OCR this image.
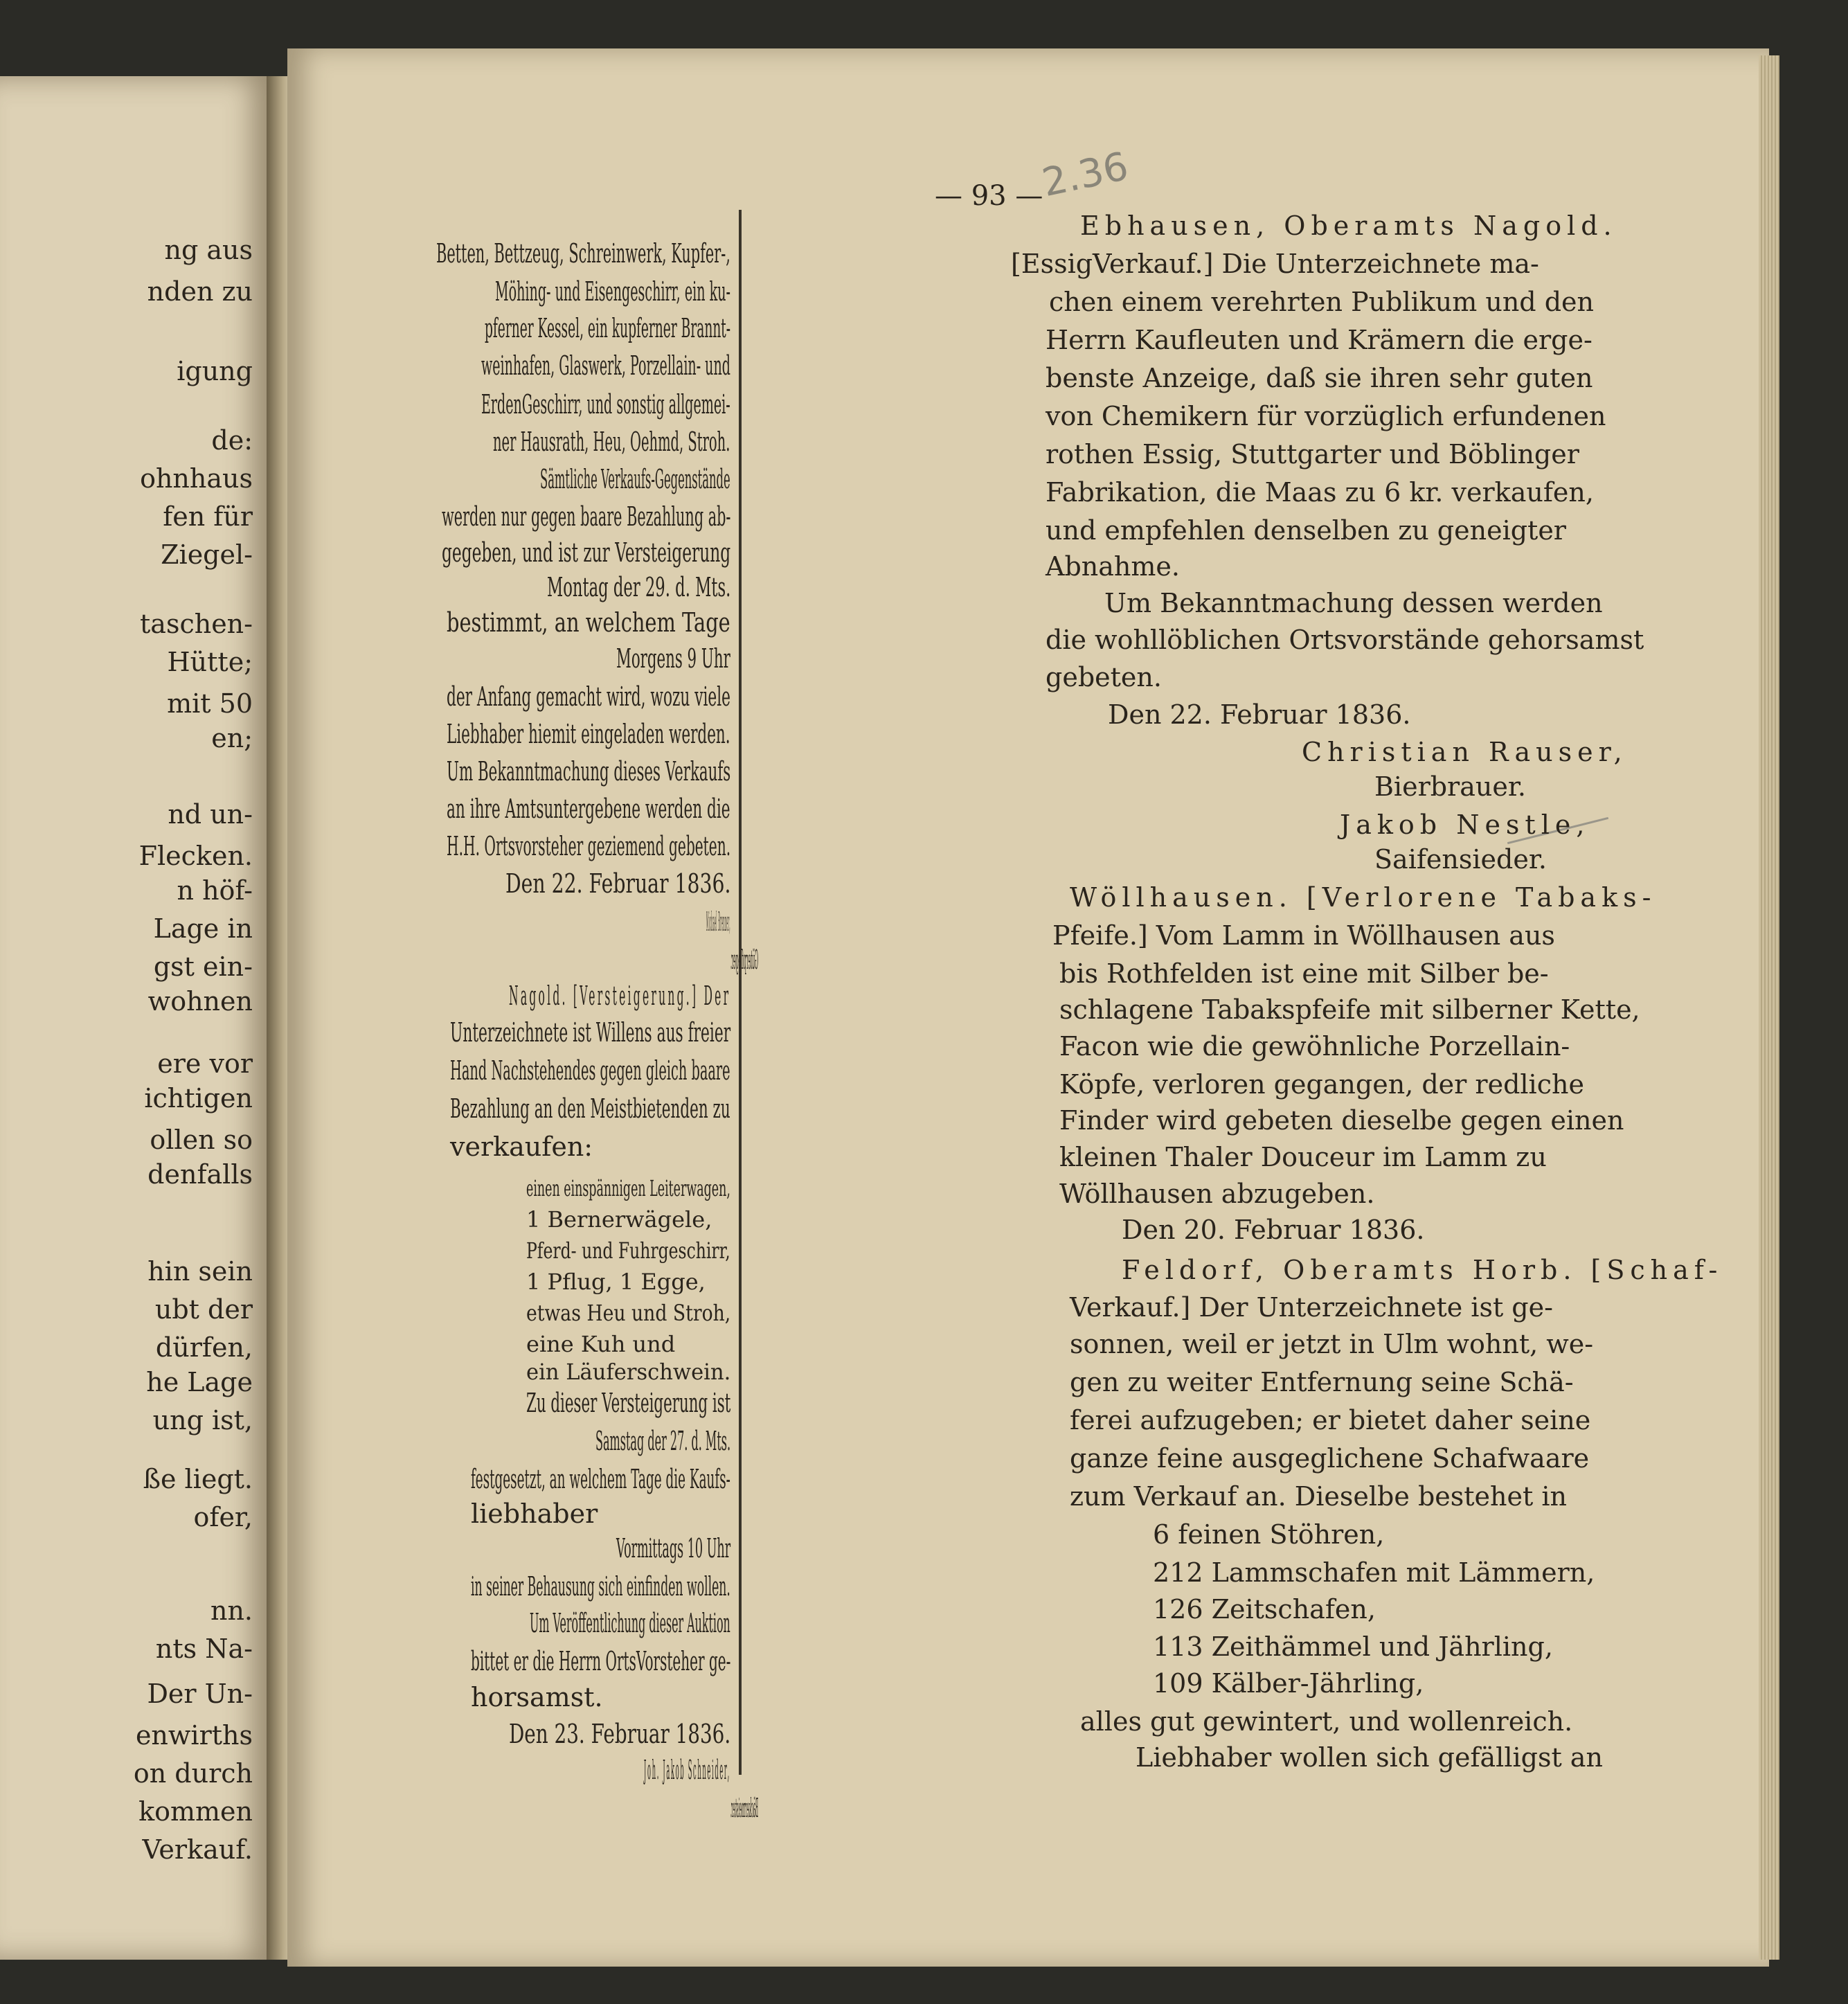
ng aus
nden zu
igung
de:
ohnhaus
fen für
Ziegel-
taschen-
Hütte;
mit 50
en;
nd un-
Flecken.
n höf-
Lage in
gst ein-
wohnen
ere vor
ichtigen
ollen so
denfalls
hin sein
ubt der
dürfen,
he Lage
ung ist,
ße liegt.
ofer,
nn.
nts Na-
Der Un-
enwirths
on durch
kommen
Verkauf.
— 93 —
2.36
Betten, Bettzeug, Schreinwerk, Kupfer-,
Möhing- und Eisengeschirr, ein ku-
pferner Kessel, ein kupferner Brannt-
weinhafen, Glaswerk, Porzellain- und
ErdenGeschirr, und sonstig allgemei-
ner Hausrath, Heu, Oehmd, Stroh.
Sämtliche Verkaufs-Gegenstände
werden nur gegen baare Bezahlung ab-
gegeben, und ist zur Versteigerung
Montag der 29. d. Mts.
bestimmt, an welchem Tage
Morgens 9 Uhr
der Anfang gemacht wird, wozu viele
Liebhaber hiemit eingeladen werden.
Um Bekanntmachung dieses Verkaufs
an ihre Amtsuntergebene werden die
H.H. Ortsvorsteher geziemend gebeten.
Den 22. Februar 1836.
Michael Brenner,
Güterpfleger.
Nagold. [Versteigerung.] Der
Unterzeichnete ist Willens aus freier
Hand Nachstehendes gegen gleich baare
Bezahlung an den Meistbietenden zu
verkaufen:
einen einspännigen Leiterwagen,
1 Bernerwägele,
Pferd- und Fuhrgeschirr,
1 Pflug, 1 Egge,
etwas Heu und Stroh,
eine Kuh und
ein Läuferschwein.
Zu dieser Versteigerung ist
Samstag der 27. d. Mts.
festgesetzt, an welchem Tage die Kaufs-
liebhaber
Vormittags 10 Uhr
in seiner Behausung sich einfinden wollen.
Um Veröffentlichung dieser Auktion
bittet er die Herrn OrtsVorsteher ge-
horsamst.
Den 23. Februar 1836.
Joh. Jakob Schneider,
Bäckermeister.
Ebhausen, Oberamts Nagold.
[EssigVerkauf.] Die Unterzeichnete ma-
chen einem verehrten Publikum und den
Herrn Kaufleuten und Krämern die erge-
benste Anzeige, daß sie ihren sehr guten
von Chemikern für vorzüglich erfundenen
rothen Essig, Stuttgarter und Böblinger
Fabrikation, die Maas zu 6 kr. verkaufen,
und empfehlen denselben zu geneigter
Abnahme.
Um Bekanntmachung dessen werden
die wohllöblichen Ortsvorstände gehorsamst
gebeten.
Den 22. Februar 1836.
Christian Rauser,
Bierbrauer.
Jakob Nestle,
Saifensieder.
Wöllhausen. [Verlorene Tabaks-
Pfeife.] Vom Lamm in Wöllhausen aus
bis Rothfelden ist eine mit Silber be-
schlagene Tabakspfeife mit silberner Kette,
Facon wie die gewöhnliche Porzellain-
Köpfe, verloren gegangen, der redliche
Finder wird gebeten dieselbe gegen einen
kleinen Thaler Douceur im Lamm zu
Wöllhausen abzugeben.
Den 20. Februar 1836.
Feldorf, Oberamts Horb. [Schaf-
Verkauf.] Der Unterzeichnete ist ge-
sonnen, weil er jetzt in Ulm wohnt, we-
gen zu weiter Entfernung seine Schä-
ferei aufzugeben; er bietet daher seine
ganze feine ausgeglichene Schafwaare
zum Verkauf an. Dieselbe bestehet in
6 feinen Stöhren,
212 Lammschafen mit Lämmern,
126 Zeitschafen,
113 Zeithämmel und Jährling,
109 Kälber-Jährling,
alles gut gewintert, und wollenreich.
Liebhaber wollen sich gefälligst an
